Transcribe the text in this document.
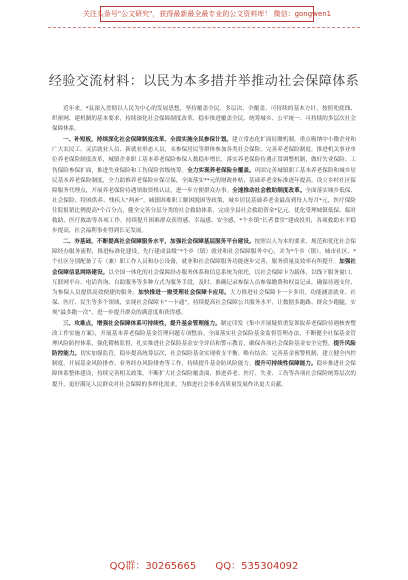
关注头条号"公文研究"，获得最新最全最专业的公文资料库！ 微信：gongwen1
经验交流材料：以民为本多措并举推动社会保障体系

近年来，*县深入贯彻以人民为中心的发展思想，坚持覆盖全民、多层次、全覆盖、可持续的基本方针，按照兜底线、织密网、建机制的基本要求，持续深化社会保障制度改革，稳步推进覆盖全民、统筹城乡、公平统一、可持续的多层次社会保障体系。

一、补短板，持续深化社会保障制度改革，全面实施全民参保计划。建立常态化扩面征缴机制，重点吸纳中小微企业和广大农民工、灵活就业人员、新就业形态人员，未参保居民等群体参加各类社会保险，完善养老保险制度。推进机关事业单位养老保险制度改革，城镇企业职工基本养老保险参保人数稳步增长，落实养老保险待遇正常调整机制，做好失业保险、工伤保险参保扩面，推进失业保险和工伤保险省级统筹。全力实现养老保险全覆盖。巩固完善城镇职工基本养老保险和城乡居民基本养老保险制度，全力助推养老保险应保尽保，全面落实**元的财政补贴，基础养老金标准逐年提高。设立乡村社区保障服务代理点，开展养老保险待遇领取资格认证，进一步方便群众办事。全速推动社会救助制度改革。全面落实城乡低保、社会保险、特困供养、残疾人“两补”，城镇困难职工解困脱困等政策，城乡居民基础养老金最高到每人每月*元，医疗保险住院报销比例提高*个百分点，健全完善分层分类的社会救助体系，完成全县社会救助资金*亿元。优化受理城镇低保、临时救助、医疗救助等各项工作，持续提升困难群众获得感、幸福感、安全感，*个乡镇“长者食堂”建成投用，各项救助水平稳步提高，社会福利事业得到长足发展。

二、夯基础，不断提高社会保障服务水平，加强社会保障基层服务平台建设。按照以人为本的要求，规范和优化社会保障经办服务流程，推进标准化建设，先行建成县级“*个乡（镇）就业和社会保障服务中心，并为*个乡（镇）、城市社区、*个社区分别配备了专（兼）职工作人员和办公设备，就业和社会保障服务功能逐步完善，服务质量及效率有所提升。加强社会保障信息网络建设。以全国一体化的社会保障经办服务体系和信息系统为依托，以社会保障卡为载体，以线下服务窗口、互联网平台、电话咨询、自助服务等多种方式为服务手段，及时、准确记录参保人员参保缴费和权益记录，确保待遇支付，为参保人员提供高效便捷的服务。加快推进一窗受理社会保障卡应用。大力推进社会保障卡一卡多用，功能涵盖就业、社保、医疗、民生等多个领域，实现社会保障卡“一卡通”，持续提高社会保障公共服务水平，让数据多跑路、群众少跑腿，实现“最多跑一次”，进一步提升群众的满意度和获得感。

三、攻难点，增强社会保障体系可持续性，提升基金管理能力。制定印发《集中开展疑似重复领取养老保险待遇核查整改工作实施方案》，开展基本养老保险基金管理问题专项整治。全面落实社会保险基金监督管理办法，不断健全社保基金管理风险防控体系，强化稽核监督，扎实推进社会保险基金安全评估和警示教育，确保各项社会保险基金安全完整。提升风险防控能力。切实加强监管，稳步提高统筹层次，社会保险基金实现收支平衡、略有结余，完善基金预警机制，建立健全内控制度，开展基金风险排查、业务经办风险排查等工作，持续提升基金防风险能力。提升可持续性保障能力。稳步推进社会保障体系整体建设，持续完善相关政策，不断扩大社会保险覆盖面，推进养老、医疗、失业、工伤等各项社会保险统筹层次的提升，更好满足人民群众对社会保障的多样化需求，为推进社会事业高质量发展作出更大贡献。

QQ群：30265665 QQ：535304092
